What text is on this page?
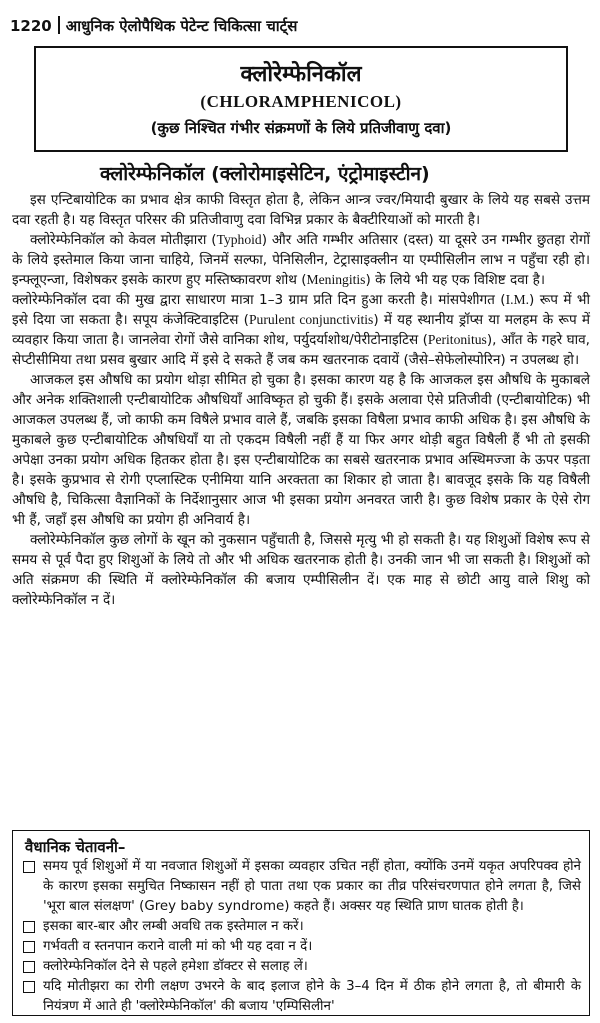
1220 आधुनिक ऐलोपैथिक पेटेन्ट चिकित्सा चार्ट्स
क्लोरेम्फेनिकॉल
(CHLORAMPHENICOL)
(कुछ निश्चित गंभीर संक्रमणों के लिये प्रतिजीवाणु दवा)
क्लोरेम्फेनिकॉल (क्लोरोमाइसेटिन, एंट्रोमाइस्टीन)

इस एन्टिबायोटिक का प्रभाव क्षेत्र काफी विस्तृत होता है, लेकिन आन्त्र ज्वर/मियादी बुखार के लिये यह सबसे उत्तम दवा रहती है। यह विस्तृत परिसर की प्रतिजीवाणु दवा विभिन्न प्रकार के बैक्टीरियाओं को मारती है।

क्लोरेम्फेनिकॉल को केवल मोतीझारा (Typhoid) और अति गम्भीर अतिसार (दस्त) या दूसरे उन गम्भीर छुतहा रोगों के लिये इस्तेमाल किया जाना चाहिये, जिनमें सल्फा, पेनिसिलीन, टेट्रासाइक्लीन या एम्पीसिलीन लाभ न पहुँचा रही हो। इन्फ्लूएन्जा, विशेषकर इसके कारण हुए मस्तिष्कावरण शोथ (Meningitis) के लिये भी यह एक विशिष्ट दवा है।

क्लोरेम्फेनिकॉल दवा की मुख द्वारा साधारण मात्रा 1–3 ग्राम प्रति दिन हुआ करती है। मांसपेशीगत (I.M.) रूप में भी इसे दिया जा सकता है। सपूय कंजेक्टिवाइटिस (Purulent conjunctivitis) में यह स्थानीय ड्रॉप्स या मलहम के रूप में व्यवहार किया जाता है। जानलेवा रोगों जैसे वानिका शोथ, पर्युदर्याशोथ/पेरीटोनाइटिस (Peritonitus), आँत के गहरे घाव, सेप्टीसीमिया तथा प्रसव बुखार आदि में इसे दे सकते हैं जब कम खतरनाक दवायें (जैसे–सेफेलोस्पोरिन) न उपलब्ध हो।

आजकल इस औषधि का प्रयोग थोड़ा सीमित हो चुका है। इसका कारण यह है कि आजकल इस औषधि के मुकाबले और अनेक शक्तिशाली एन्टीबायोटिक औषधियाँ आविष्कृत हो चुकी हैं। इसके अलावा ऐसे प्रतिजीवी (एन्टीबायोटिक) भी आजकल उपलब्ध हैं, जो काफी कम विषैले प्रभाव वाले हैं, जबकि इसका विषैला प्रभाव काफी अधिक है। इस औषधि के मुकाबले कुछ एन्टीबायोटिक औषधियाँ या तो एकदम विषैली नहीं हैं या फिर अगर थोड़ी बहुत विषैली हैं भी तो इसकी अपेक्षा उनका प्रयोग अधिक हितकर होता है। इस एन्टीबायोटिक का सबसे खतरनाक प्रभाव अस्थिमज्जा के ऊपर पड़ता है। इसके कुप्रभाव से रोगी एप्लास्टिक एनीमिया यानि अरक्तता का शिकार हो जाता है। बावजूद इसके कि यह विषैली औषधि है, चिकित्सा वैज्ञानिकों के निर्देशानुसार आज भी इसका प्रयोग अनवरत जारी है। कुछ विशेष प्रकार के ऐसे रोग भी हैं, जहाँ इस औषधि का प्रयोग ही अनिवार्य है।

क्लोरेम्फेनिकॉल कुछ लोगों के खून को नुकसान पहुँचाती है, जिससे मृत्यु भी हो सकती है। यह शिशुओं विशेष रूप से समय से पूर्व पैदा हुए शिशुओं के लिये तो और भी अधिक खतरनाक होती है। उनकी जान भी जा सकती है। शिशुओं को अति संक्रमण की स्थिति में क्लोरेम्फेनिकॉल की बजाय एम्पीसिलीन दें। एक माह से छोटी आयु वाले शिशु को क्लोरेम्फेनिकॉल न दें।

वैधानिक चेतावनी–
समय पूर्व शिशुओं में या नवजात शिशुओं में इसका व्यवहार उचित नहीं होता, क्योंकि उनमें यकृत अपरिपक्व होने के कारण इसका समुचित निष्कासन नहीं हो पाता तथा एक प्रकार का तीव्र परिसंचरणपात होने लगता है, जिसे 'भूरा बाल संलक्षण' (Grey baby syndrome) कहते हैं। अक्सर यह स्थिति प्राण घातक होती है।
इसका बार-बार और लम्बी अवधि तक इस्तेमाल न करें।
गर्भवती व स्तनपान कराने वाली मां को भी यह दवा न दें।
क्लोरेम्फेनिकॉल देने से पहले हमेशा डॉक्टर से सलाह लें।
यदि मोतीझरा का रोगी लक्षण उभरने के बाद इलाज होने के 3–4 दिन में ठीक होने लगता है, तो बीमारी के नियंत्रण में आते ही 'क्लोरेम्फेनिकॉल' की बजाय 'एम्पिसिलीन'
